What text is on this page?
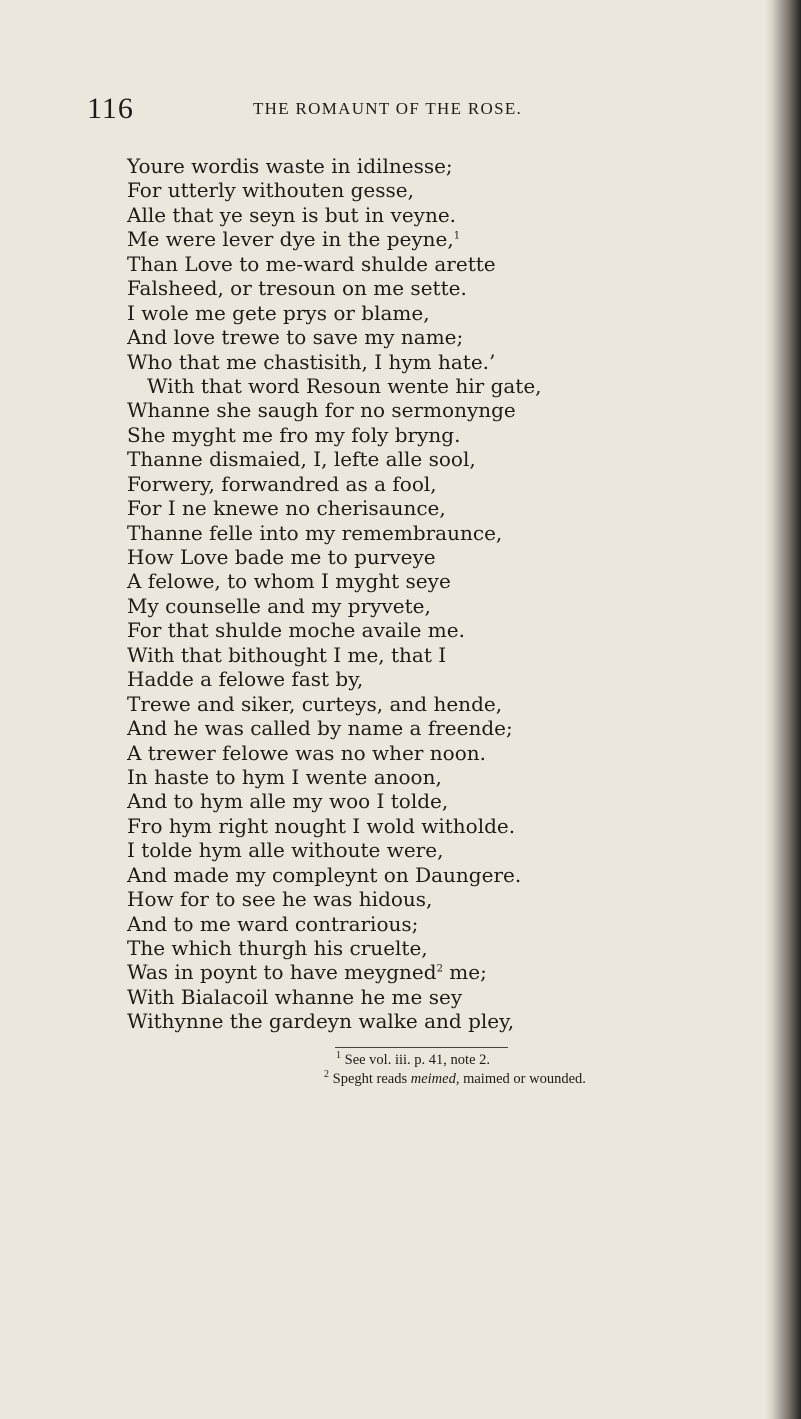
116	THE ROMAUNT OF THE ROSE.
Youre wordis waste in idilnesse;
For utterly withouten gesse,
Alle that ye seyn is but in veyne.
Me were lever dye in the peyne,$^1$
Than Love to me-ward shulde arette
Falsheed, or tresoun on me sette.
I wole me gete prys or blame,
And love trewe to save my name;
Who that me chastisith, I hym hate.’
With that word Resoun wente hir gate,
Whanne she saugh for no sermonynge
She myght me fro my foly bryng.
Thanne dismaied, I, lefte alle sool,
Forwery, forwandred as a fool,
For I ne knewe no cherisaunce,
Thanne felle into my remembraunce,
How Love bade me to purveye
A felowe, to whom I myght seye
My counselle and my pryvete,
For that shulde moche availe me.
With that bithought I me, that I
Hadde a felowe fast by,
Trewe and siker, curteys, and hende,
And he was called by name a freende;
A trewer felowe was no wher noon.
In haste to hym I wente anoon,
And to hym alle my woo I tolde,
Fro hym right nought I wold witholde.
I tolde hym alle withoute were,
And made my compleynt on Daungere.
How for to see he was hidous,
And to me ward contrarious;
The which thurgh his cruelte,
Was in poynt to have meygned$^2$ me;
With Bialacoil whanne he me sey
Withynne the gardeyn walke and pley,
$^1$ See vol. iii. p. 41, note 2.
$^2$ Speght reads meimed, maimed or wounded.
